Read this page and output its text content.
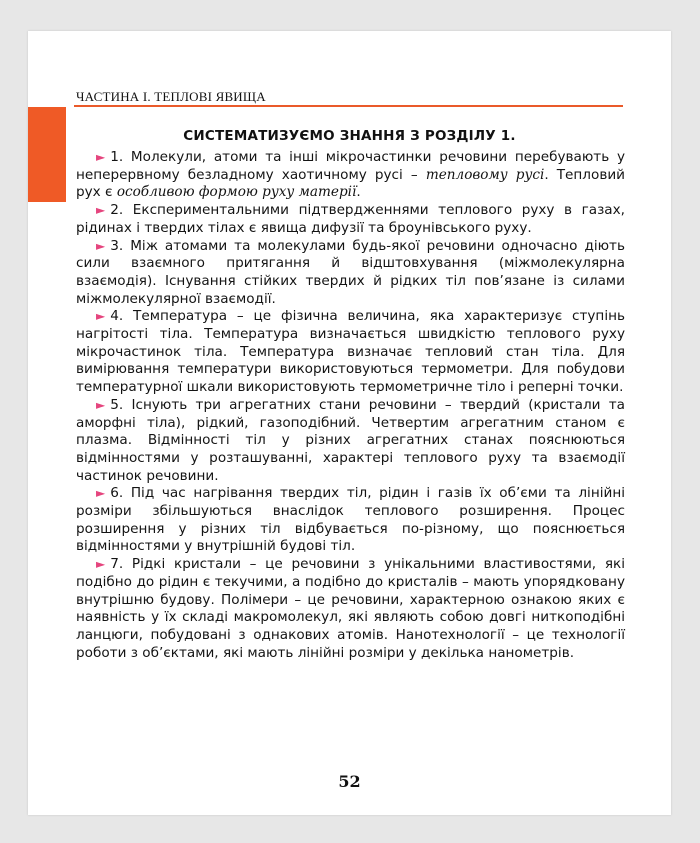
ЧАСТИНА І. ТЕПЛОВІ ЯВИЩА
СИСТЕМАТИЗУЄМО ЗНАННЯ З РОЗДІЛУ 1.

► 1. Молекули, атоми та інші мікрочастинки речовини перебувають у неперервному безладному хаотичному русі – тепловому русі. Тепловий рух є особливою формою руху матерії.

► 2. Експериментальними підтвердженнями теплового руху в газах, рідинах і твердих тілах є явища дифузії та броунівського руху.

► 3. Між атомами та молекулами будь-якої речовини одночасно діють сили взаємного притягання й відштовхування (міжмолекулярна взаємодія). Існування стійких твердих й рідких тіл пов’язане із силами міжмолекулярної взаємодії.

► 4. Температура – це фізична величина, яка характеризує ступінь нагрітості тіла. Температура визначається швидкістю теплового руху мікрочастинок тіла. Температура визначає тепловий стан тіла. Для вимірювання температури використовуються термометри. Для побудови температурної шкали використовують термометричне тіло і реперні точки.

► 5. Існують три агрегатних стани речовини – твердий (кристали та аморфні тіла), рідкий, газоподібний. Четвертим агрегатним станом є плазма. Відмінності тіл у різних агрегатних станах пояснюються відмінностями у розташуванні, характері теплового руху та взаємодії частинок речовини.

► 6. Під час нагрівання твердих тіл, рідин і газів їх об’єми та лінійні розміри збільшуються внаслідок теплового розширення. Процес розширення у різних тіл відбувається по-різному, що пояснюється відмінностями у внутрішній будові тіл.

► 7. Рідкі кристали – це речовини з унікальними властивостями, які подібно до рідин є текучими, а подібно до кристалів – мають упорядковану внутрішню будову. Полімери – це речовини, характерною ознакою яких є наявність у їх складі макромолекул, які являють собою довгі ниткоподібні ланцюги, побудовані з однакових атомів. Нанотехнології – це технології роботи з об’єктами, які мають лінійні розміри у декілька нанометрів.

52
